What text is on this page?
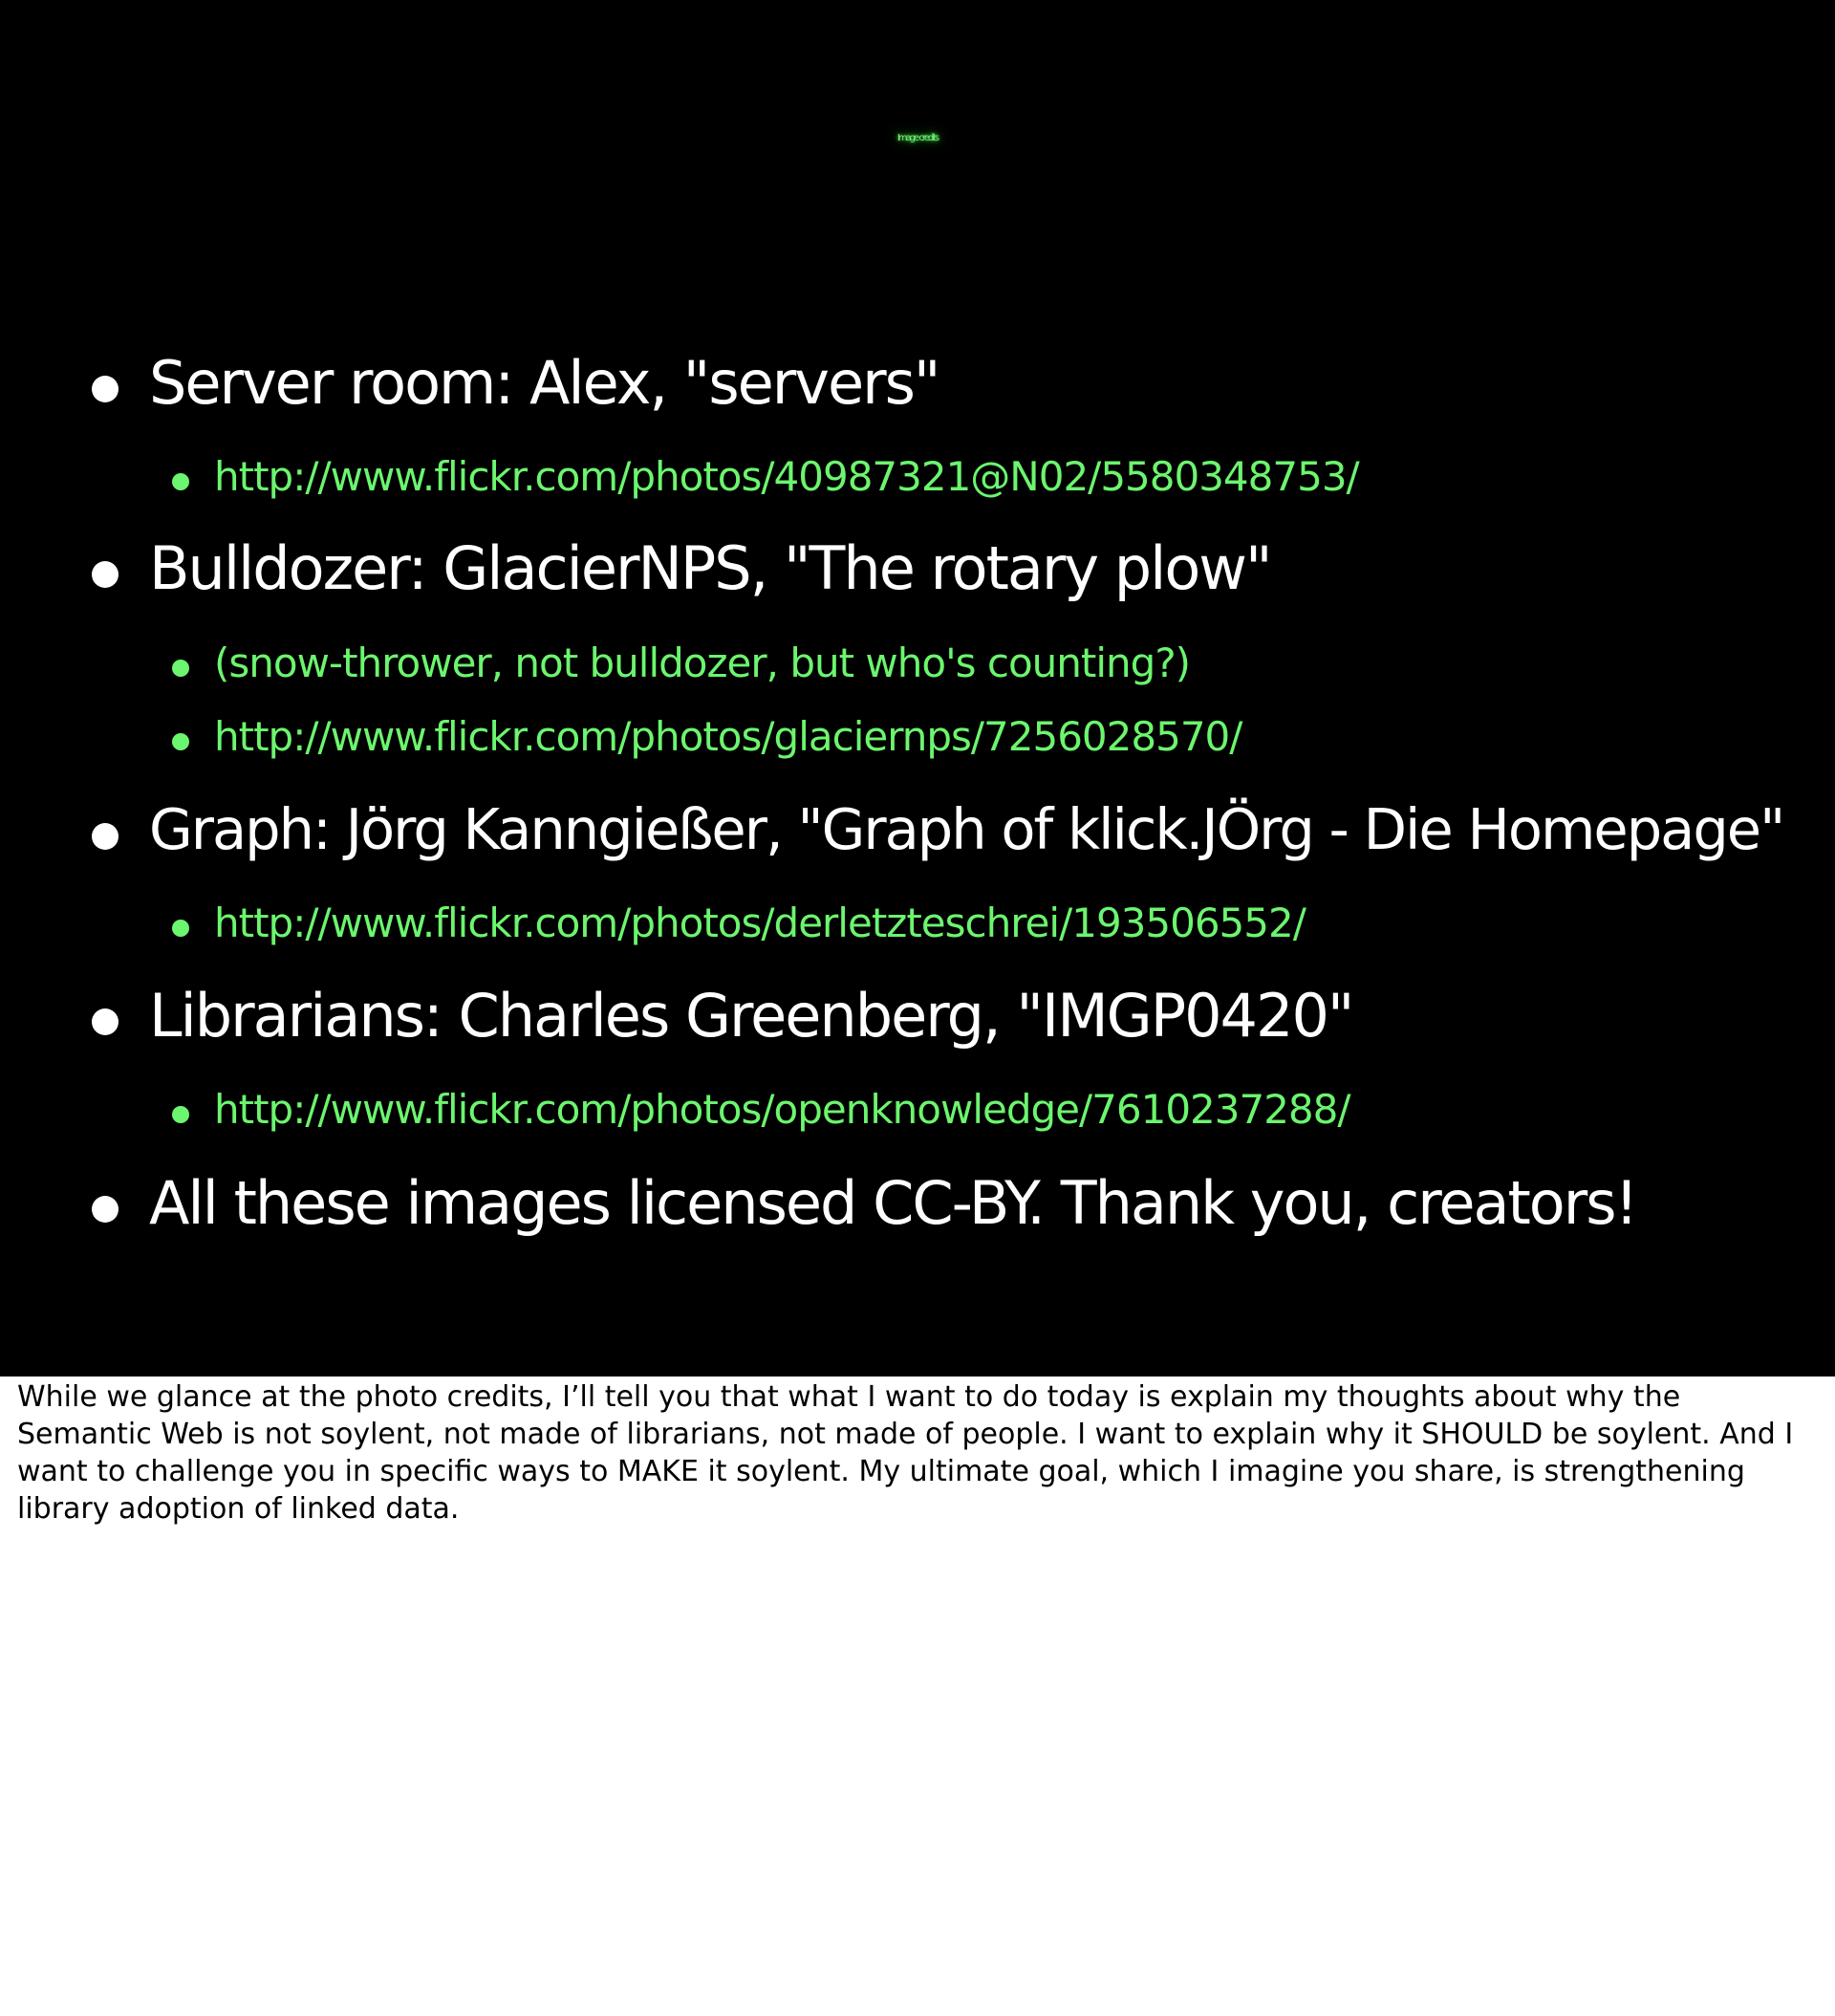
Image credits
Server room: Alex, "servers"
http://www.flickr.com/photos/40987321@N02/5580348753/
Bulldozer: GlacierNPS, "The rotary plow"
(snow-thrower, not bulldozer, but who's counting?)
http://www.flickr.com/photos/glaciernps/7256028570/
Graph: Jörg Kanngießer, "Graph of klick.JÖrg - Die Homepage"
http://www.flickr.com/photos/derletzteschrei/193506552/
Librarians: Charles Greenberg, "IMGP0420"
http://www.flickr.com/photos/openknowledge/7610237288/
All these images licensed CC-BY. Thank you, creators!
While we glance at the photo credits, I’ll tell you that what I want to do today is explain my thoughts about why the Semantic Web is not soylent, not made of librarians, not made of people. I want to explain why it SHOULD be soylent. And I want to challenge you in specific ways to MAKE it soylent. My ultimate goal, which I imagine you share, is strengthening library adoption of linked data.
